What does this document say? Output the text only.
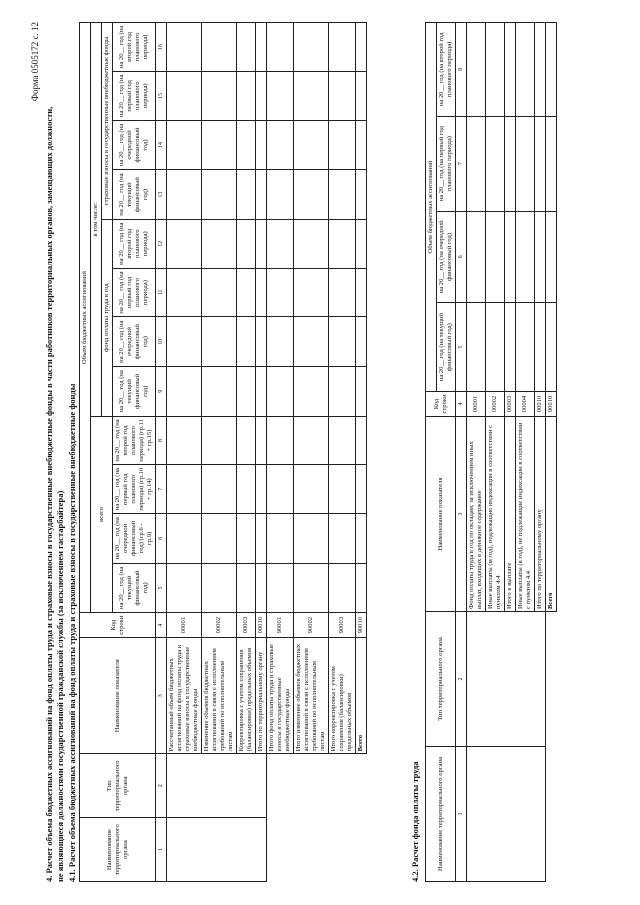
Форма 0505172 с. 12
4. Расчет объема бюджетных ассигнований на фонд оплаты труда и страховые взносы в государственные внебюджетные фонды в части работников территориальных органов, замещающих должности, не являющиеся должностями государственной гражданской службы (за исключением гастарбайтера) 4.1. Расчет объема бюджетных ассигнований на фонд оплаты труда и страховые взносы в государственные внебюджетные фонды	Наименование территориального органа	Тип территориального органа	Наименование показателя	Код строки	Объем бюджетных ассигнований											
				всего				в том числе:							
								фонд оплаты труда в год				страховые взносы в государственные внебюджетные фонды			
				на 20__ год (на текущий финансовый год)	на 20__ год (на очередной финансовый год) (гр.6 - гр.9)	на 20__ год (на первый год планового периода) (гр.10 + гр.14)	на 20__ год (на второй год планового периода) (гр.11 + гр.15)	на 20__ год (на текущий финансовый год)	на 20__ год (на очередной финансовый год)	на 20__ год (на первый год планового периода)	на 20__ год (на второй год планового периода)	на 20__ год (на текущий финансовый год)	на 20__ год (на очередной финансовый год)	на 20__ год (на первый год планового периода)	на 20__ год (на второй год планового периода)
1	2	3	4	5	6	7	8	9	10	11	12	13	14	15	16
		Рассчитанный объем бюджетных ассигнований на фонд оплаты труда и страховые взносы в государственные внебюджетные фонды	00001												
		Изменение объемов бюджетных ассигнований в связи с исполнением требований по исполнительным листам	00002												
		Корректировка с учетом сохранения (балансировки) предельных объемов	00003												
		Итого по территориальному органу	00010												
		Итого фонд оплаты труда и страховые взносы в государственные внебюджетные фонды	90001												
		Итого изменение объемов бюджетных ассигнований в связи с исполнением требований по исполнительным листам	90002												
		Итого корректировка с учетом сохранения (балансировки) предельных объемов	90003												
		Всего	90010												
4.2. Расчет фонда оплаты труда	Наименование территориального органа	Тип территориального органа	Наименование показателя	Код строки	Объем бюджетных ассигнований			
				на 20__ год (на текущий финансовый год)	на 20__ год (на очередной финансовый год)	на 20__ год (на первый год планового периода)	на 20__ год (на второй год планового периода)
1	2	3	4	5	6	7	8
		Фонд оплаты труда в год по окладам, за исключением иных выплат, входящих в денежное содержание	00001				
		Иные выплаты (м год), подлежащие индексации в соответствии с пунктом 4.4	00002				
		Итого к выплате	00003				
		Иные выплаты (в год), не подлежащие индексации в соответствии с пунктом 4.4	00004				
		Итого по территориальному органу	00010				
		Всего	90010				
